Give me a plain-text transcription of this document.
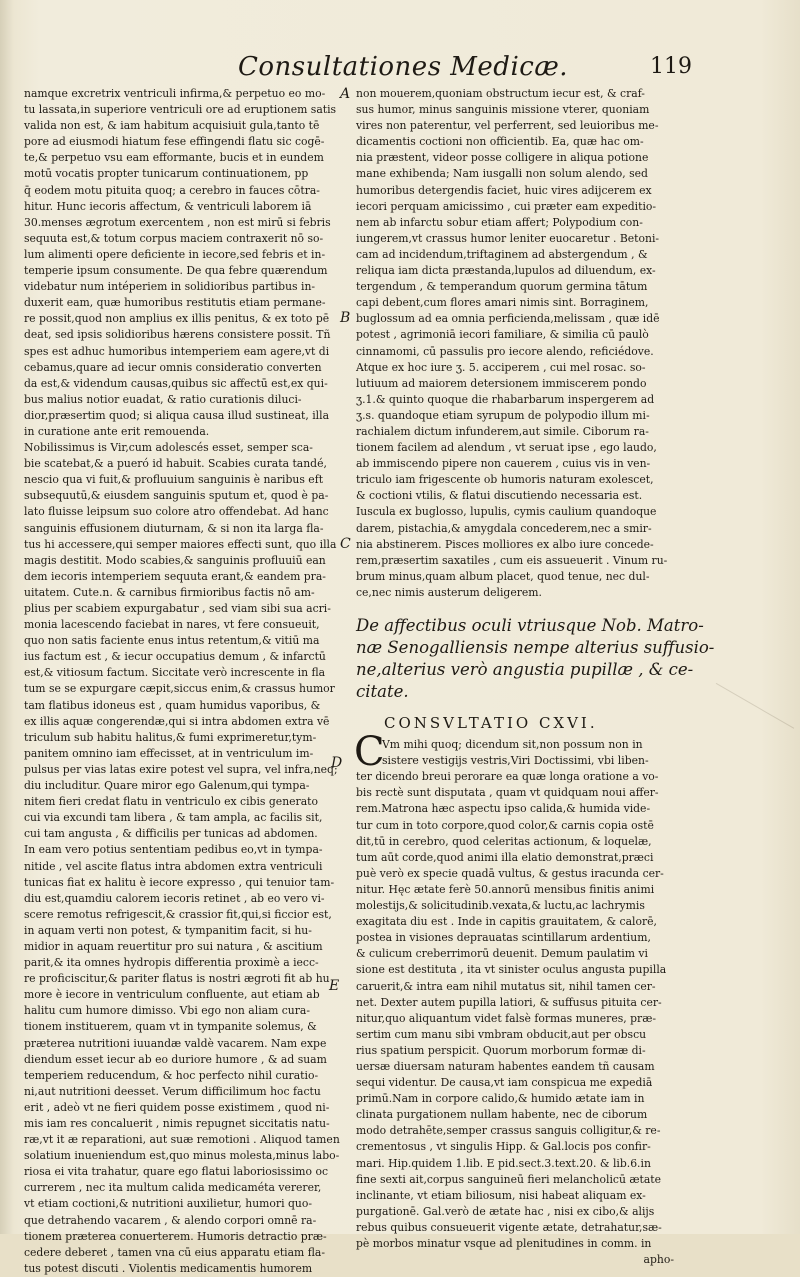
Consultationes Medicæ.	119
A
B
C
D
E
namque excretrix ventriculi infirma,& perpetuo eo mo-
tu lassata,in superiore ventriculi ore ad eruptionem satis
valida non est, & iam habitum acquisiuit gula,tanto tē
pore ad eiusmodi hiatum fese effingendi flatu sic cogē-
te,& perpetuo vsu eam efformante, bucis et in eundem
motū vocatis propter tunicarum continuationem, pp
q̄ eodem motu pituita quoq; a cerebro in fauces cōtra-
hitur. Hunc iecoris affectum, & ventriculi laborem iā
30.menses ægrotum exercentem , non est mirū si febris
sequuta est,& totum corpus maciem contraxerit nō so-
lum alimenti opere deficiente in iecore,sed febris et in-
temperie ipsum consumente. De qua febre quærendum
videbatur num intéperiem in solidioribus partibus in-
duxerit eam, quæ humoribus restitutis etiam permane-
re possit,quod non amplius ex illis penitus, & ex toto pē
deat, sed ipsis solidioribus hærens consistere possit. Tñ
spes est adhuc humoribus intemperiem eam agere,vt di
cebamus,quare ad iecur omnis consideratio converten
da est,& videndum causas,quibus sic affectū est,ex qui-
bus malius notior euadat, & ratio curationis diluci-
dior,præsertim quod; si aliqua causa illud sustineat, illa
in curatione ante erit remouenda.
Nobilissimus is Vir,cum adolescés esset, semper sca-
bie scatebat,& a pueró id habuit. Scabies curata tandé,
nescio qua vi fuit,& profluuium sanguinis è naribus eft
subsequutū,& eiusdem sanguinis sputum et, quod è pa-
lato fluisse leipsum suo colore atro offendebat. Ad hanc
sanguinis effusionem diuturnam, & si non ita larga fla-
tus hi accessere,qui semper maiores effecti sunt, quo illa
magis destitit. Modo scabies,& sanguinis profluuiū ean
dem iecoris intemperiem sequuta erant,& eandem pra-
uitatem. Cute.n. & carnibus firmioribus factis nō am-
plius per scabiem expurgabatur , sed viam sibi sua acri-
monia lacescendo faciebat in nares, vt fere consueuit,
quo non satis faciente enus intus retentum,& vitiū ma
ius factum est , & iecur occupatius demum , & infarctū
est,& vitiosum factum. Siccitate verò increscente in fla
tum se se expurgare cæpit,siccus enim,& crassus humor
tam flatibus idoneus est , quam humidus vaporibus, &
ex illis aquæ congerendæ,qui si intra abdomen extra vē
triculum sub habitu halitus,& fumi exprimeretur,tym-
panitem omnino iam effecisset, at in ventriculum im-
pulsus per vias latas exire potest vel supra, vel infra,neq;
diu includitur. Quare miror ego Galenum,qui tympa-
nitem fieri credat flatu in ventriculo ex cibis generato
cui via excundi tam libera , & tam ampla, ac facilis sit,
cui tam angusta , & difficilis per tunicas ad abdomen.
In eam vero potius sententiam pedibus eo,vt in tympa-
nitide , vel ascite flatus intra abdomen extra ventriculi
tunicas fiat ex halitu è iecore expresso , qui tenuior tam-
diu est,quamdiu calorem iecoris retinet , ab eo vero vi-
scere remotus refrigescit,& crassior fit,qui,si ficcior est,
in aquam verti non potest, & tympanitim facit, si hu-
midior in aquam reuertitur pro sui natura , & ascitium
parit,& ita omnes hydropis differentia proximè a iecc-
re proficiscitur,& pariter flatus is nostri ægroti fit ab hu
more è iecore in ventriculum confluente, aut etiam ab
halitu cum humore dimisso. Vbi ego non aliam cura-
tionem instituerem, quam vt in tympanite solemus, &
præterea nutritioni iuuandæ valdè vacarem. Nam expe
diendum esset iecur ab eo duriore humore , & ad suam
temperiem reducendum, & hoc perfecto nihil curatio-
ni,aut nutritioni deesset. Verum difficilimum hoc factu
erit , adeò vt ne fieri quidem posse existimem , quod ni-
mis iam res concaluerit , nimis repugnet siccitatis natu-
ræ,vt it æ reparationi, aut suæ remotioni . Aliquod tamen
solatium inueniendum est,quo minus molesta,minus labo-
riosa ei vita trahatur, quare ego flatui laboriosissimo oc
currerem , nec ita multum calida medicaméta vererer,
vt etiam coctioni,& nutritioni auxilietur, humori quo-
que detrahendo vacarem , & alendo corpori omnē ra-
tionem præterea conuerterem. Humoris detractio præ-
cedere deberet , tamen vna cū eius apparatu etiam fla-
tus potest discuti . Violentis medicamentis humorem
non mouerem,quoniam obstructum iecur est, & craf-
sus humor, minus sanguinis missione vterer, quoniam
vires non paterentur, vel perferrent, sed leuioribus me-
dicamentis coctioni non officientib. Ea, quæ hac om-
nia præstent, videor posse colligere in aliqua potione
mane exhibenda; Nam iusgalli non solum alendo, sed
humoribus detergendis faciet, huic vires adijcerem ex
iecori perquam amicissimo , cui præter eam expeditio-
nem ab infarctu sobur etiam affert; Polypodium con-
iungerem,vt crassus humor leniter euocaretur . Betoni-
cam ad incidendum,triftaginem ad abstergendum , &
reliqua iam dicta præstanda,lupulos ad diluendum, ex-
tergendum , & temperandum quorum germina tātum
capi debent,cum flores amari nimis sint. Borraginem,
buglossum ad ea omnia perficienda,melissam , quæ idē
potest , agrimoniā iecori familiare, & similia cū paulò
cinnamomi, cū passulis pro iecore alendo, reficiédove.
Atque ex hoc iure ʒ. 5. acciperem , cui mel rosac. so-
lutiuum ad maiorem detersionem immiscerem pondo
ʒ.1.& quinto quoque die rhabarbarum inspergerem ad
ʒ.s. quandoque etiam syrupum de polypodio illum mi-
rachialem dictum infunderem,aut simile. Ciborum ra-
tionem facilem ad alendum , vt seruat ipse , ego laudo,
ab immiscendo pipere non cauerem , cuius vis in ven-
triculo iam frigescente ob humoris naturam exolescet,
& coctioni vtilis, & flatui discutiendo necessaria est.
Iuscula ex buglosso, lupulis, cymis caulium quandoque
darem, pistachia,& amygdala concederem,nec a smir-
nia abstinerem. Pisces molliores ex albo iure concede-
rem,præsertim saxatiles , cum eis assueuerit . Vinum ru-
brum minus,quam album placet, quod tenue, nec dul-
ce,nec nimis austerum deligerem.
De affectibus oculi vtriusque Nob. Matro-
næ Senogalliensis nempe alterius suffusio-
ne,alterius verò angustia pupillæ , & ce-
citate.
CONSVLTATIO CXVI.
C
Vm mihi quoq; dicendum sit,non possum non in
sistere vestigijs vestris,Viri Doctissimi, vbi liben-
ter dicendo breui perorare ea quæ longa oratione a vo-
bis rectè sunt disputata , quam vt quidquam noui affer-
rem.Matrona hæc aspectu ipso calida,& humida vide-
tur cum in toto corpore,quod color,& carnis copia ostē
dit,tū in cerebro, quod celeritas actionum, & loquelæ,
tum aūt corde,quod animi illa elatio demonstrat,præci
puè verò ex specie quadā vultus, & gestus iracunda cer-
nitur. Hęc ætate ferè 50.annorū mensibus finitis animi
molestijs,& solicitudinib.vexata,& luctu,ac lachrymis
exagitata diu est . Inde in capitis grauitatem, & calorē,
postea in visiones deprauatas scintillarum ardentium,
& culicum creberrimorū deuenit. Demum paulatim vi
sione est destituta , ita vt sinister oculus angusta pupilla
caruerit,& intra eam nihil mutatus sit, nihil tamen cer-
net. Dexter autem pupilla latiori, & suffusus pituita cer-
nitur,quo aliquantum videt falsè formas muneres, præ-
sertim cum manu sibi vmbram obducit,aut per obscu
rius spatium perspicit. Quorum morborum formæ di-
uersæ diuersam naturam habentes eandem tñ causam
sequi videntur. De causa,vt iam conspicua me expediā
primū.Nam in corpore calido,& humido ætate iam in
clinata purgationem nullam habente, nec de ciborum
modo detrahēte,semper crassus sanguis colligitur,& re-
crementosus , vt singulis Hipp. & Gal.locis pos confir-
mari. Hip.quidem 1.lib. E pid.sect.3.text.20. & lib.6.in
fine sexti ait,corpus sanguineū fieri melancholicū ætate
inclinante, vt etiam biliosum, nisi habeat aliquam ex-
purgationē. Gal.verò de ætate hac , nisi ex cibo,& alijs
rebus quibus consueuerit vigente ætate, detrahatur,sæ-
pè morbos minatur vsque ad plenitudines in comm. in
apho-
